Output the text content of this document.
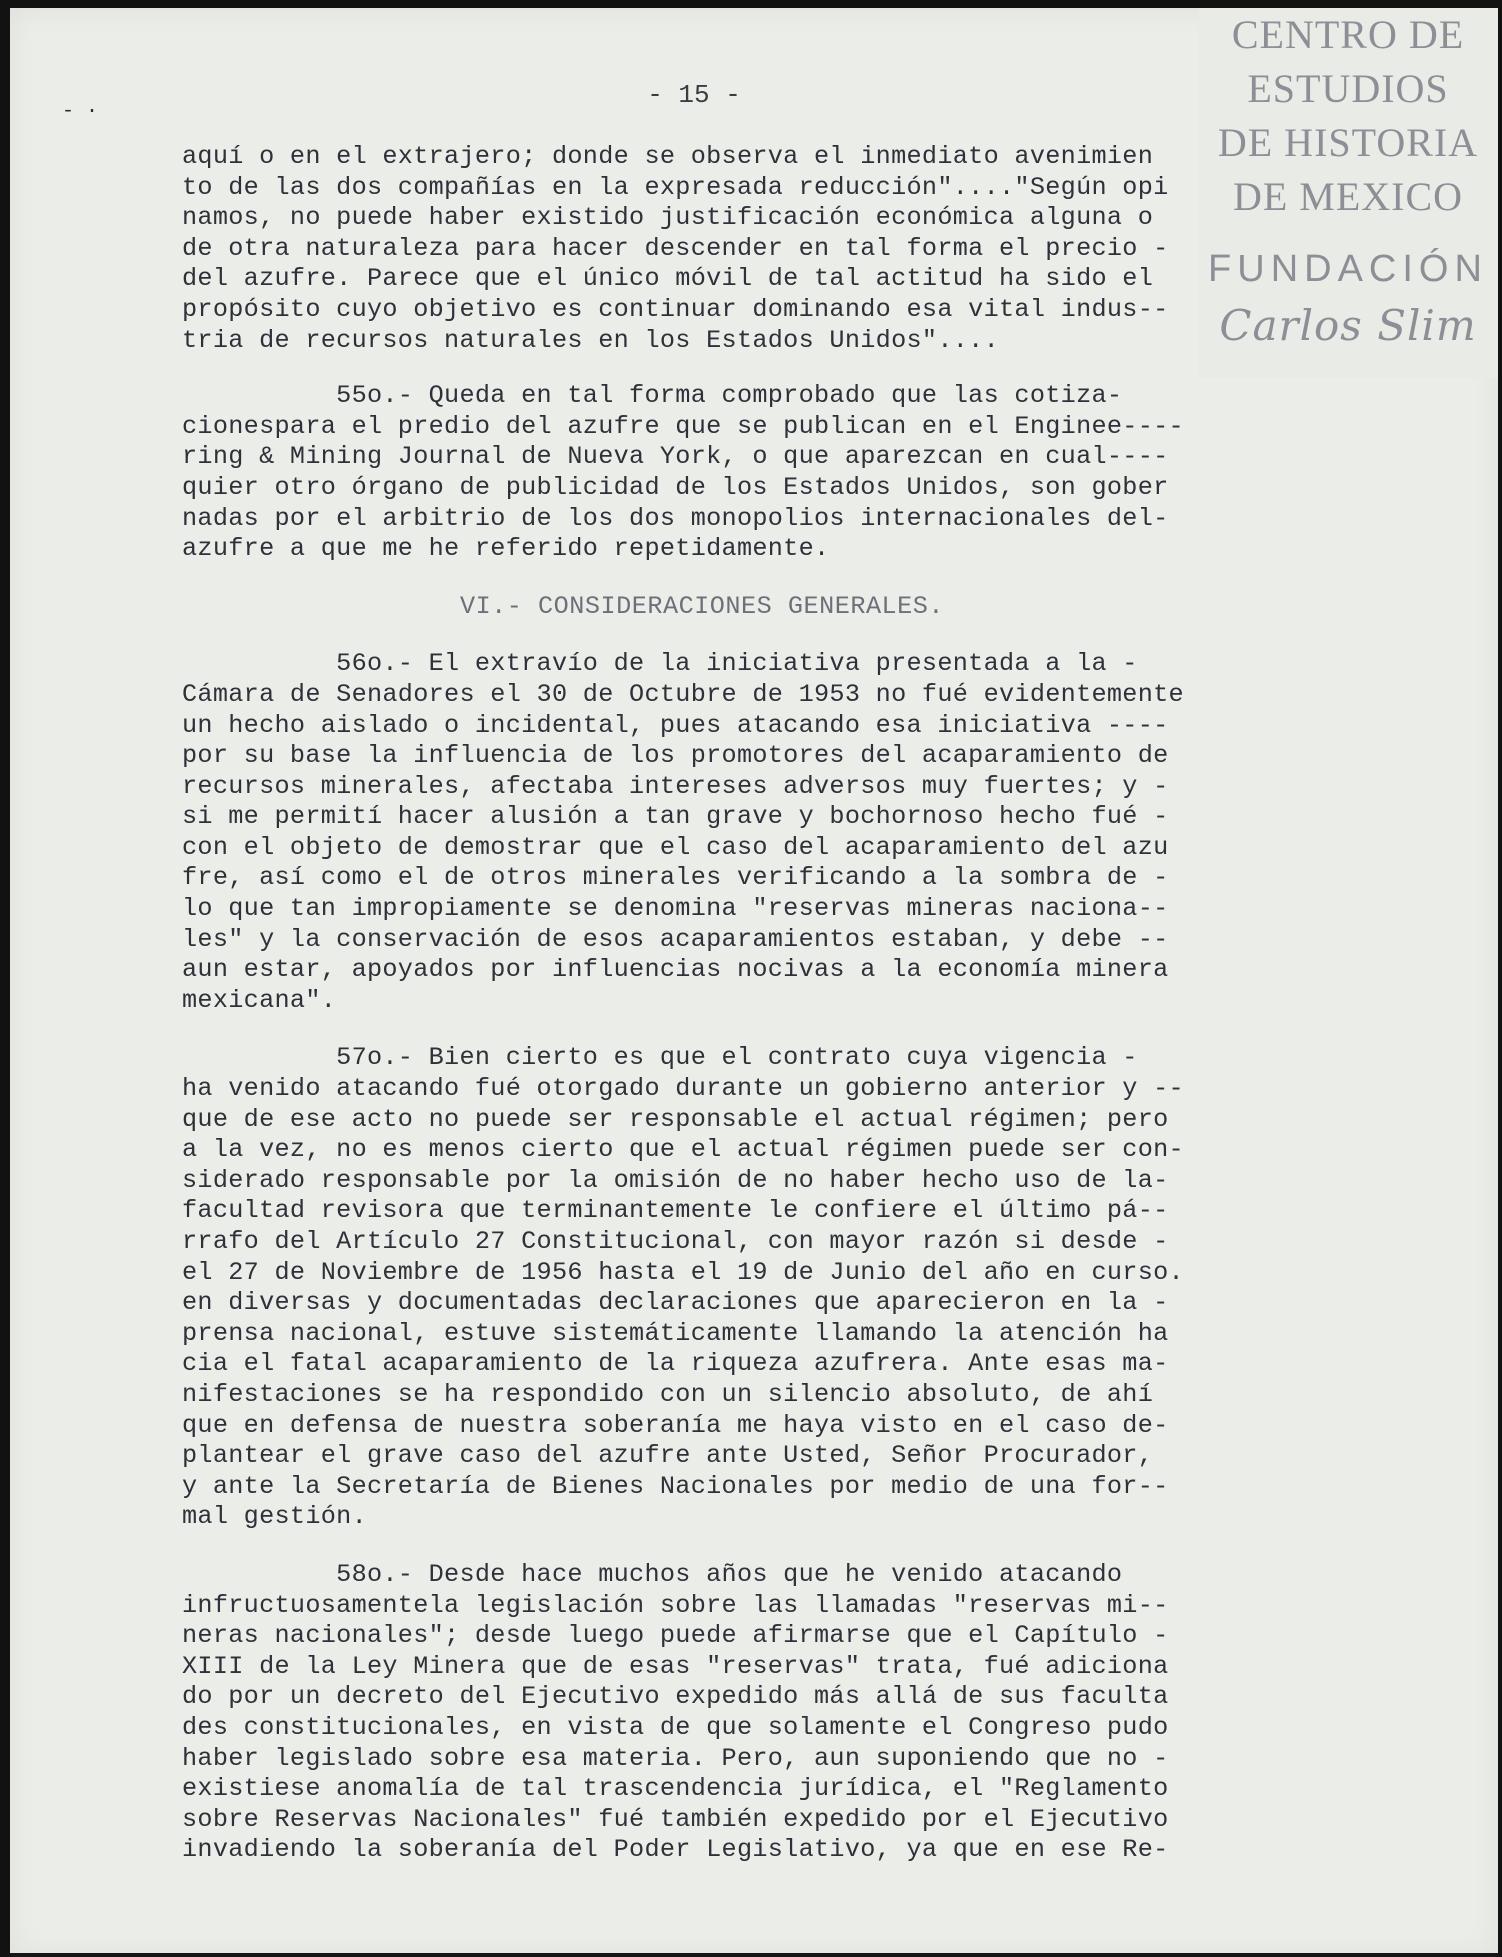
- ·
- 15 -
CENTRO DE
ESTUDIOS
DE HISTORIA
DE MEXICO
FUNDACIÓN
Carlos Slim
aquí o en el extrajero; donde se observa el inmediato avenimien
to de las dos compañías en la expresada reducción"...."Según opi
namos, no puede haber existido justificación económica alguna o
de otra naturaleza para hacer descender en tal forma el precio -
del azufre. Parece que el único móvil de tal actitud ha sido el
propósito cuyo objetivo es continuar dominando esa vital indus--
tria de recursos naturales en los Estados Unidos"....
55o.- Queda en tal forma comprobado que las cotiza-
cionespara el predio del azufre que se publican en el Enginee----
ring & Mining Journal de Nueva York, o que aparezcan en cual----
quier otro órgano de publicidad de los Estados Unidos, son gober
nadas por el arbitrio de los dos monopolios internacionales del-
azufre a que me he referido repetidamente.
VI.- CONSIDERACIONES GENERALES.
56o.- El extravío de la iniciativa presentada a la -
Cámara de Senadores el 30 de Octubre de 1953 no fué evidentemente
un hecho aislado o incidental, pues atacando esa iniciativa ----
por su base la influencia de los promotores del acaparamiento de
recursos minerales, afectaba intereses adversos muy fuertes; y -
si me permití hacer alusión a tan grave y bochornoso hecho fué -
con el objeto de demostrar que el caso del acaparamiento del azu
fre, así como el de otros minerales verificando a la sombra de -
lo que tan impropiamente se denomina "reservas mineras naciona--
les" y la conservación de esos acaparamientos estaban, y debe --
aun estar, apoyados por influencias nocivas a la economía minera
mexicana".
57o.- Bien cierto es que el contrato cuya vigencia -
ha venido atacando fué otorgado durante un gobierno anterior y --
que de ese acto no puede ser responsable el actual régimen; pero
a la vez, no es menos cierto que el actual régimen puede ser con-
siderado responsable por la omisión de no haber hecho uso de la-
facultad revisora que terminantemente le confiere el último pá--
rrafo del Artículo 27 Constitucional, con mayor razón si desde -
el 27 de Noviembre de 1956 hasta el 19 de Junio del año en curso.
en diversas y documentadas declaraciones que aparecieron en la -
prensa nacional, estuve sistemáticamente llamando la atención ha
cia el fatal acaparamiento de la riqueza azufrera. Ante esas ma-
nifestaciones se ha respondido con un silencio absoluto, de ahí
que en defensa de nuestra soberanía me haya visto en el caso de-
plantear el grave caso del azufre ante Usted, Señor Procurador,
y ante la Secretaría de Bienes Nacionales por medio de una for--
mal gestión.
58o.- Desde hace muchos años que he venido atacando
infructuosamentela legislación sobre las llamadas "reservas mi--
neras nacionales"; desde luego puede afirmarse que el Capítulo -
XIII de la Ley Minera que de esas "reservas" trata, fué adiciona
do por un decreto del Ejecutivo expedido más allá de sus faculta
des constitucionales, en vista de que solamente el Congreso pudo
haber legislado sobre esa materia. Pero, aun suponiendo que no -
existiese anomalía de tal trascendencia jurídica, el "Reglamento
sobre Reservas Nacionales" fué también expedido por el Ejecutivo
invadiendo la soberanía del Poder Legislativo, ya que en ese Re-
